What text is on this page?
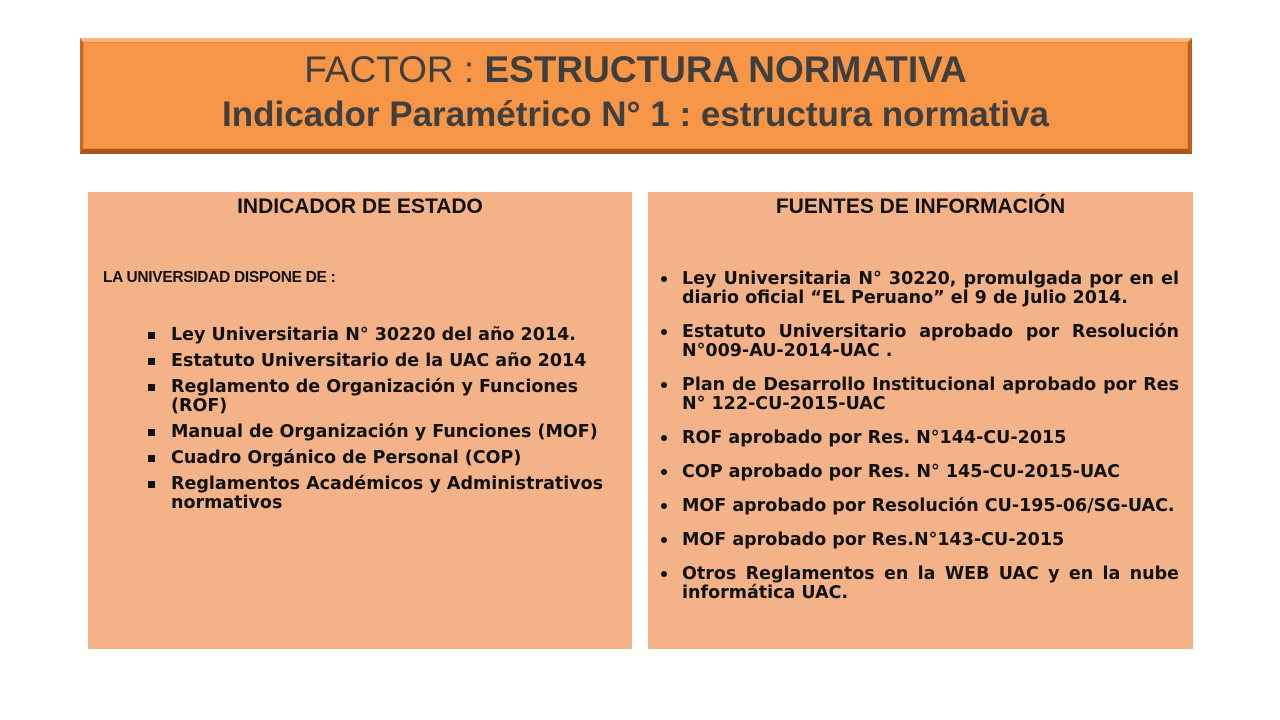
FACTOR : ESTRUCTURA NORMATIVA
Indicador Paramétrico N° 1 : estructura normativa
INDICADOR DE ESTADO
LA UNIVERSIDAD DISPONE DE :
Ley Universitaria N° 30220 del año 2014.
Estatuto Universitario de la UAC año 2014
Reglamento de Organización y Funciones (ROF)
Manual de Organización y Funciones (MOF)
Cuadro Orgánico de Personal (COP)
Reglamentos Académicos y Administrativos normativos
FUENTES DE INFORMACIÓN
Ley Universitaria N° 30220, promulgada por en el diario oficial “EL Peruano” el 9 de Julio 2014.
Estatuto Universitario aprobado por Resolución N°009-AU-2014-UAC .
Plan de Desarrollo Institucional aprobado por Res N° 122-CU-2015-UAC
ROF aprobado por Res. N°144-CU-2015
COP aprobado por Res. N° 145-CU-2015-UAC
MOF aprobado por Resolución CU-195-06/SG-UAC.
MOF aprobado por Res.N°143-CU-2015
Otros Reglamentos en la WEB UAC y en la nube informática UAC.
